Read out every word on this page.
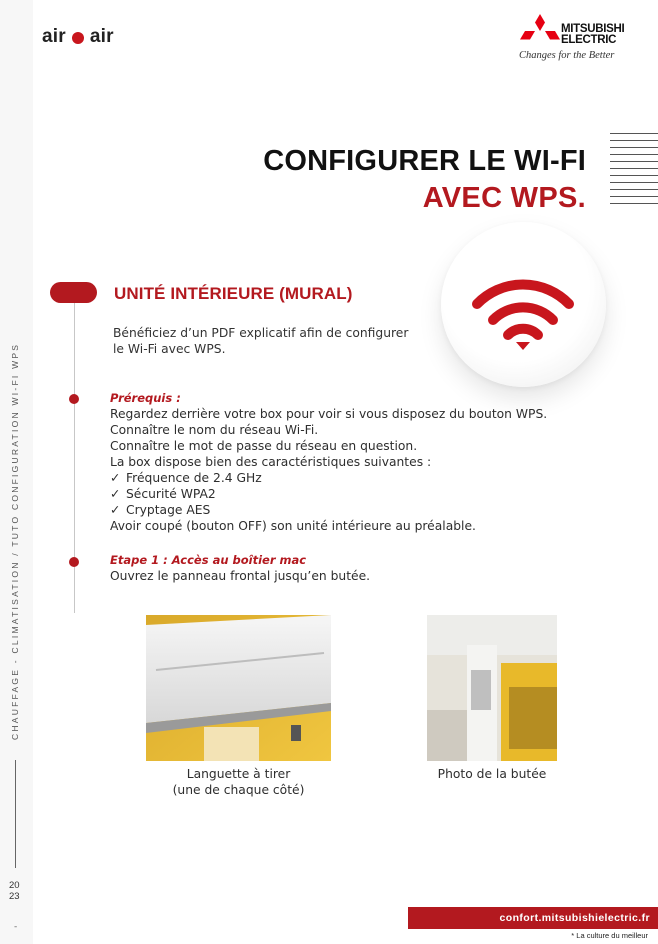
air air	MITSUBISHI
ELECTRIC
Changes for the Better
CONFIGURER LE WI-FI
AVEC WPS.
CHAUFFAGE - CLIMATISATION / TUTO CONFIGURATION WI-FI WPS
20
23
-
UNITÉ INTÉRIEURE (MURAL)
Bénéficiez d’un PDF explicatif afin de configurer
le Wi-Fi avec WPS.
Prérequis :
Regardez derrière votre box pour voir si vous disposez du bouton WPS.
Connaître le nom du réseau Wi-Fi.
Connaître le mot de passe du réseau en question.
La box dispose bien des caractéristiques suivantes :
✓ Fréquence de 2.4 GHz
✓ Sécurité WPA2
✓ Cryptage AES
Avoir coupé (bouton OFF) son unité intérieure au préalable.
Etape 1 : Accès au boîtier mac
Ouvrez le panneau frontal jusqu’en butée.
Languette à tirer
(une de chaque côté)
Photo de la butée
confort.mitsubishielectric.fr
* La culture du meilleur
